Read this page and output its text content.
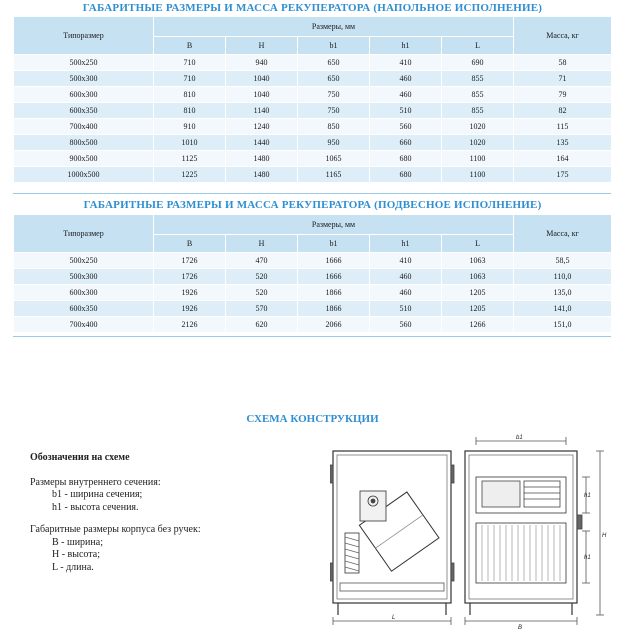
ГАБАРИТНЫЕ РАЗМЕРЫ И МАССА РЕКУПЕРАТОРА (НАПОЛЬНОЕ ИСПОЛНЕНИЕ)
Типоразмер	Размеры, мм					Масса, кг
	B	H	b1	h1	L	
500x250	710	940	650	410	690	58
500x300	710	1040	650	460	855	71
600x300	810	1040	750	460	855	79
600x350	810	1140	750	510	855	82
700x400	910	1240	850	560	1020	115
800x500	1010	1440	950	660	1020	135
900x500	1125	1480	1065	680	1100	164
1000x500	1225	1480	1165	680	1100	175
ГАБАРИТНЫЕ РАЗМЕРЫ И МАССА РЕКУПЕРАТОРА (ПОДВЕСНОЕ ИСПОЛНЕНИЕ)
Типоразмер	Размеры, мм					Масса, кг
	B	H	b1	h1	L	
500x250	1726	470	1666	410	1063	58,5
500x300	1726	520	1666	460	1063	110,0
600x300	1926	520	1866	460	1205	135,0
600x350	1926	570	1866	510	1205	141,0
700x400	2126	620	2066	560	1266	151,0
СХЕМА КОНСТРУКЦИИ
Обозначения на схеме
Размеры внутреннего сечения:
b1 - ширина сечения;
h1 - высота сечения.
Габаритные размеры корпуса без ручек:
B - ширина;
H - высота;
L - длина.
L
b1
B
h1
h1
H
